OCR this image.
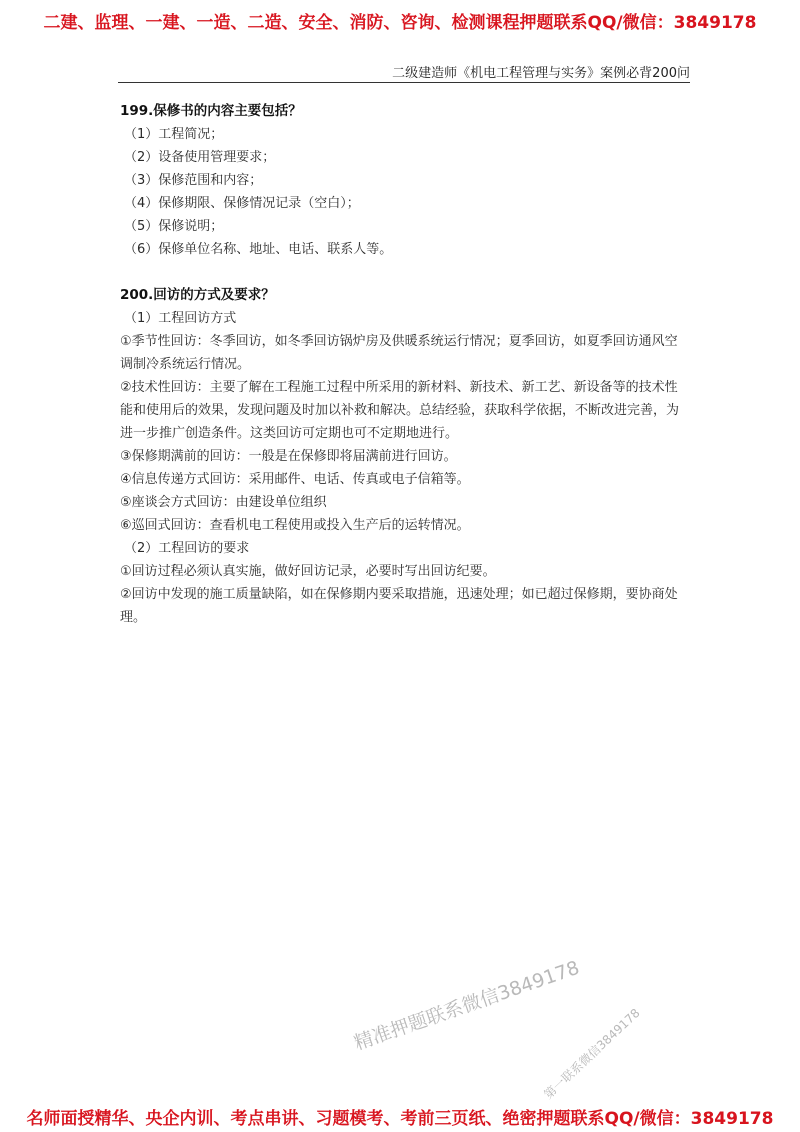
二建、监理、一建、一造、二造、安全、消防、咨询、检测课程押题联系QQ/微信：3849178
二级建造师《机电工程管理与实务》案例必背200问
199.保修书的内容主要包括？
（1）工程简况；
（2）设备使用管理要求；
（3）保修范围和内容；
（4）保修期限、保修情况记录（空白）；
（5）保修说明；
（6）保修单位名称、地址、电话、联系人等。
200.回访的方式及要求？
（1）工程回访方式
①季节性回访：冬季回访，如冬季回访锅炉房及供暖系统运行情况；夏季回访，如夏季回访通风空调制冷系统运行情况。
②技术性回访：主要了解在工程施工过程中所采用的新材料、新技术、新工艺、新设备等的技术性能和使用后的效果，发现问题及时加以补救和解决。总结经验，获取科学依据，不断改进完善，为进一步推广创造条件。这类回访可定期也可不定期地进行。
③保修期满前的回访：一般是在保修即将届满前进行回访。
④信息传递方式回访：采用邮件、电话、传真或电子信箱等。
⑤座谈会方式回访：由建设单位组织
⑥巡回式回访：查看机电工程使用或投入生产后的运转情况。
（2）工程回访的要求
①回访过程必须认真实施，做好回访记录，必要时写出回访纪要。
②回访中发现的施工质量缺陷，如在保修期内要采取措施，迅速处理；如已超过保修期，要协商处理。
精准押题联系微信3849178
第一联系微信3849178
名师面授精华、央企内训、考点串讲、习题模考、考前三页纸、绝密押题联系QQ/微信：3849178
